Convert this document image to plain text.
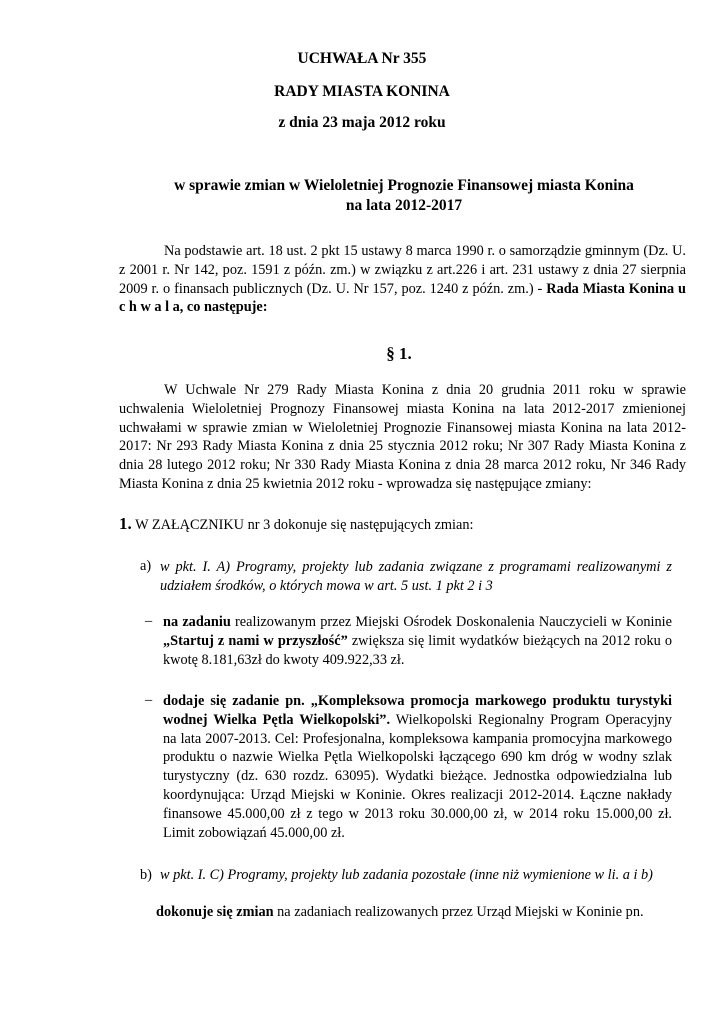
UCHWAŁA Nr 355
RADY MIASTA KONINA
z dnia 23 maja 2012 roku
w sprawie zmian w Wieloletniej Prognozie Finansowej miasta Konina
na lata 2012-2017
Na podstawie art. 18 ust. 2 pkt 15 ustawy 8 marca 1990 r. o samorządzie gminnym (Dz. U. z 2001 r. Nr 142, poz. 1591 z późn. zm.) w związku z art.226 i art. 231 ustawy z dnia 27 sierpnia 2009 r. o finansach publicznych (Dz. U. Nr 157, poz. 1240 z późn. zm.) - Rada Miasta Konina u c h w a l a, co następuje:
§ 1.
W Uchwale Nr 279 Rady Miasta Konina z dnia 20 grudnia 2011 roku w sprawie uchwalenia Wieloletniej Prognozy Finansowej miasta Konina na lata 2012-2017 zmienionej uchwałami w sprawie zmian w Wieloletniej Prognozie Finansowej miasta Konina na lata 2012-2017: Nr 293 Rady Miasta Konina z dnia 25 stycznia 2012 roku; Nr 307 Rady Miasta Konina z dnia 28 lutego 2012 roku; Nr 330 Rady Miasta Konina z dnia 28 marca 2012 roku, Nr 346 Rady Miasta Konina z dnia 25 kwietnia 2012 roku - wprowadza się następujące zmiany:
1. W ZAŁĄCZNIKU nr 3 dokonuje się następujących zmian:
a) w pkt. I. A) Programy, projekty lub zadania związane z programami realizowanymi z udziałem środków, o których mowa w art. 5 ust. 1 pkt 2 i 3
– na zadaniu realizowanym przez Miejski Ośrodek Doskonalenia Nauczycieli w Koninie „Startuj z nami w przyszłość” zwiększa się limit wydatków bieżących na 2012 roku o kwotę 8.181,63zł do kwoty 409.922,33 zł.
– dodaje się zadanie pn. „Kompleksowa promocja markowego produktu turystyki wodnej Wielka Pętla Wielkopolski”. Wielkopolski Regionalny Program Operacyjny na lata 2007-2013. Cel: Profesjonalna, kompleksowa kampania promocyjna markowego produktu o nazwie Wielka Pętla Wielkopolski łączącego 690 km dróg w wodny szlak turystyczny (dz. 630 rozdz. 63095). Wydatki bieżące. Jednostka odpowiedzialna lub koordynująca: Urząd Miejski w Koninie. Okres realizacji 2012-2014. Łączne nakłady finansowe 45.000,00 zł z tego w 2013 roku 30.000,00 zł, w 2014 roku 15.000,00 zł. Limit zobowiązań 45.000,00 zł.
b) w pkt. I. C) Programy, projekty lub zadania pozostałe (inne niż wymienione w li. a i b)
dokonuje się zmian na zadaniach realizowanych przez Urząd Miejski w Koninie pn.
